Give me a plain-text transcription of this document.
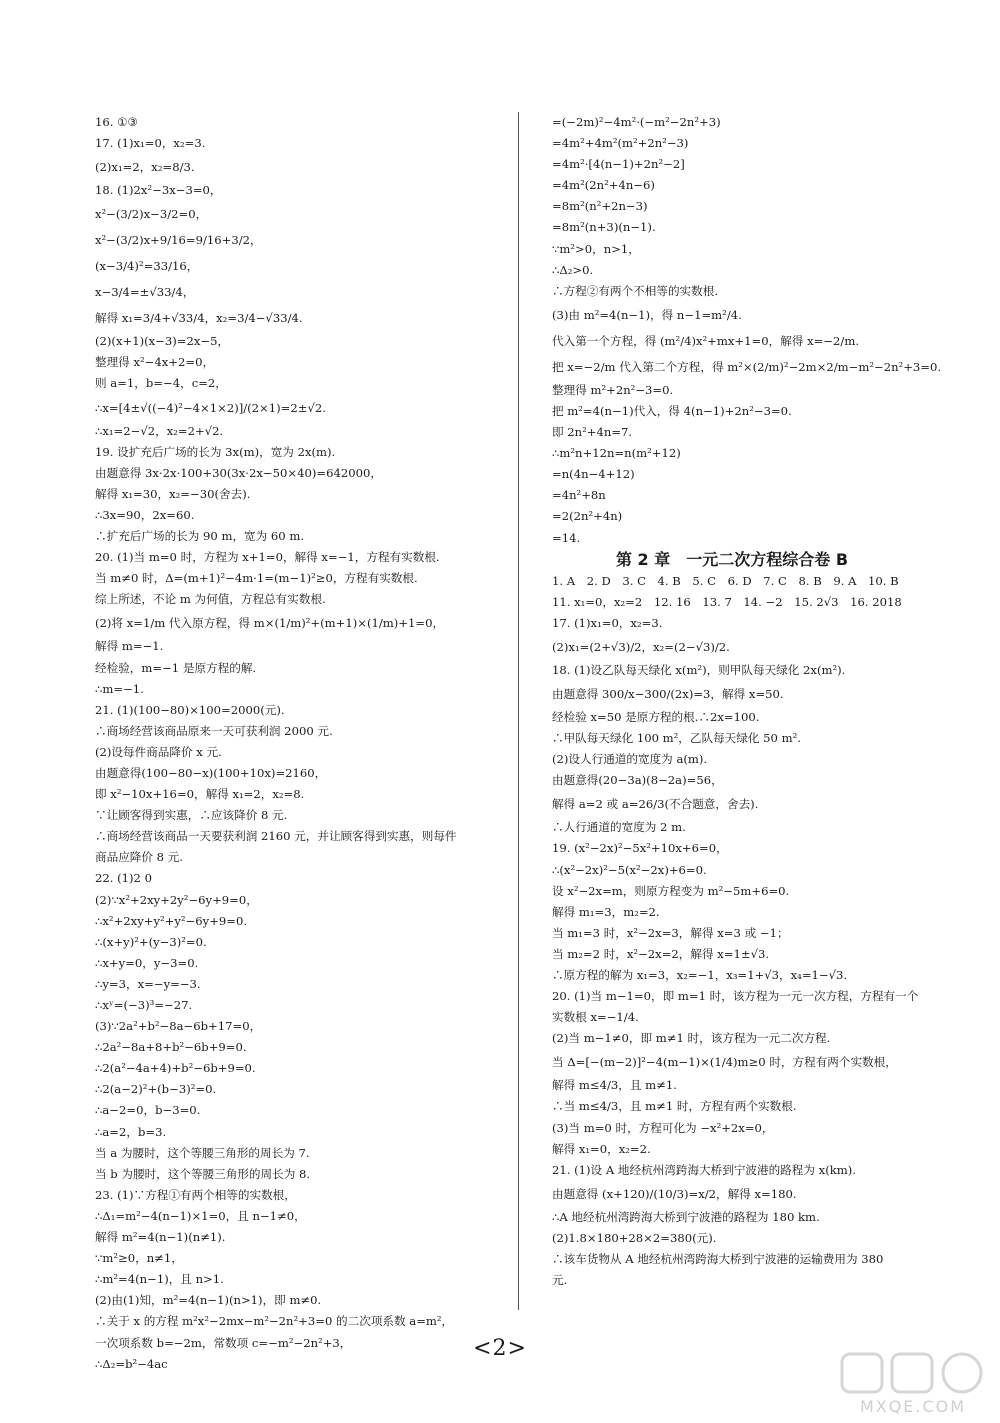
16. ①③
17. (1)x₁=0，x₂=3.
(2)x₁=2，x₂=8/3.
18. (1)2x²−3x−3=0，
x²−(3/2)x−3/2=0，
x²−(3/2)x+9/16=9/16+3/2，
(x−3/4)²=33/16，
x−3/4=±√33/4，
解得 x₁=3/4+√33/4，x₂=3/4−√33/4.
(2)(x+1)(x−3)=2x−5，
整理得 x²−4x+2=0，
则 a=1，b=−4，c=2，
∴x=[4±√((−4)²−4×1×2)]/(2×1)=2±√2.
∴x₁=2−√2，x₂=2+√2.
19. 设扩充后广场的长为 3x(m)，宽为 2x(m).
由题意得 3x·2x·100+30(3x·2x−50×40)=642000，
解得 x₁=30，x₂=−30(舍去).
∴3x=90，2x=60.
∴扩充后广场的长为 90 m，宽为 60 m.
20. (1)当 m=0 时，方程为 x+1=0，解得 x=−1，方程有实数根.
当 m≠0 时，Δ=(m+1)²−4m·1=(m−1)²≥0，方程有实数根.
综上所述，不论 m 为何值，方程总有实数根.
(2)将 x=1/m 代入原方程，得 m×(1/m)²+(m+1)×(1/m)+1=0，
解得 m=−1.
经检验，m=−1 是原方程的解.
∴m=−1.
21. (1)(100−80)×100=2000(元).
∴商场经营该商品原来一天可获利润 2000 元.
(2)设每件商品降价 x 元.
由题意得(100−80−x)(100+10x)=2160，
即 x²−10x+16=0，解得 x₁=2，x₂=8.
∵让顾客得到实惠，∴应该降价 8 元.
∴商场经营该商品一天要获利润 2160 元，并让顾客得到实惠，则每件
商品应降价 8 元.
22. (1)2 0
(2)∵x²+2xy+2y²−6y+9=0，
∴x²+2xy+y²+y²−6y+9=0.
∴(x+y)²+(y−3)²=0.
∴x+y=0，y−3=0.
∴y=3，x=−y=−3.
∴xʸ=(−3)³=−27.
(3)∵2a²+b²−8a−6b+17=0，
∴2a²−8a+8+b²−6b+9=0.
∴2(a²−4a+4)+b²−6b+9=0.
∴2(a−2)²+(b−3)²=0.
∴a−2=0，b−3=0.
∴a=2，b=3.
当 a 为腰时，这个等腰三角形的周长为 7.
当 b 为腰时，这个等腰三角形的周长为 8.
23. (1)∵方程①有两个相等的实数根，
∴Δ₁=m²−4(n−1)×1=0，且 n−1≠0，
解得 m²=4(n−1)(n≠1).
∵m²≥0，n≠1，
∴m²=4(n−1)，且 n>1.
(2)由(1)知，m²=4(n−1)(n>1)，即 m≠0.
∴关于 x 的方程 m²x²−2mx−m²−2n²+3=0 的二次项系数 a=m²，
一次项系数 b=−2m，常数项 c=−m²−2n²+3，
∴Δ₂=b²−4ac
=(−2m)²−4m²·(−m²−2n²+3)
=4m²+4m²(m²+2n²−3)
=4m²·[4(n−1)+2n²−2]
=4m²(2n²+4n−6)
=8m²(n²+2n−3)
=8m²(n+3)(n−1).
∵m²>0，n>1，
∴Δ₂>0.
∴方程②有两个不相等的实数根.
(3)由 m²=4(n−1)，得 n−1=m²/4.
代入第一个方程，得 (m²/4)x²+mx+1=0，解得 x=−2/m.
把 x=−2/m 代入第二个方程，得 m²×(2/m)²−2m×2/m−m²−2n²+3=0.
整理得 m²+2n²−3=0.
把 m²=4(n−1)代入，得 4(n−1)+2n²−3=0.
即 2n²+4n=7.
∴m²n+12n=n(m²+12)
=n(4n−4+12)
=4n²+8n
=2(2n²+4n)
=14.
第 2 章　一元二次方程综合卷 B
1. A　2. D　3. C　4. B　5. C　6. D　7. C　8. B　9. A　10. B
11. x₁=0，x₂=2　12. 16　13. 7　14. −2　15. 2√3　16. 2018
17. (1)x₁=0，x₂=3.
(2)x₁=(2+√3)/2，x₂=(2−√3)/2.
18. (1)设乙队每天绿化 x(m²)，则甲队每天绿化 2x(m²).
由题意得 300/x−300/(2x)=3，解得 x=50.
经检验 x=50 是原方程的根.∴2x=100.
∴甲队每天绿化 100 m²，乙队每天绿化 50 m².
(2)设人行通道的宽度为 a(m).
由题意得(20−3a)(8−2a)=56，
解得 a=2 或 a=26/3(不合题意，舍去).
∴人行通道的宽度为 2 m.
19. (x²−2x)²−5x²+10x+6=0，
∴(x²−2x)²−5(x²−2x)+6=0.
设 x²−2x=m，则原方程变为 m²−5m+6=0.
解得 m₁=3，m₂=2.
当 m₁=3 时，x²−2x=3，解得 x=3 或 −1；
当 m₂=2 时，x²−2x=2，解得 x=1±√3.
∴原方程的解为 x₁=3，x₂=−1，x₃=1+√3，x₄=1−√3.
20. (1)当 m−1=0，即 m=1 时，该方程为一元一次方程，方程有一个
实数根 x=−1/4.
(2)当 m−1≠0，即 m≠1 时，该方程为一元二次方程.
当 Δ=[−(m−2)]²−4(m−1)×(1/4)m≥0 时，方程有两个实数根，
解得 m≤4/3，且 m≠1.
∴当 m≤4/3，且 m≠1 时，方程有两个实数根.
(3)当 m=0 时，方程可化为 −x²+2x=0，
解得 x₁=0，x₂=2.
21. (1)设 A 地经杭州湾跨海大桥到宁波港的路程为 x(km).
由题意得 (x+120)/(10/3)=x/2，解得 x=180.
∴A 地经杭州湾跨海大桥到宁波港的路程为 180 km.
(2)1.8×180+28×2=380(元).
∴该车货物从 A 地经杭州湾跨海大桥到宁波港的运输费用为 380
元.
<2>
MXQE.COM
